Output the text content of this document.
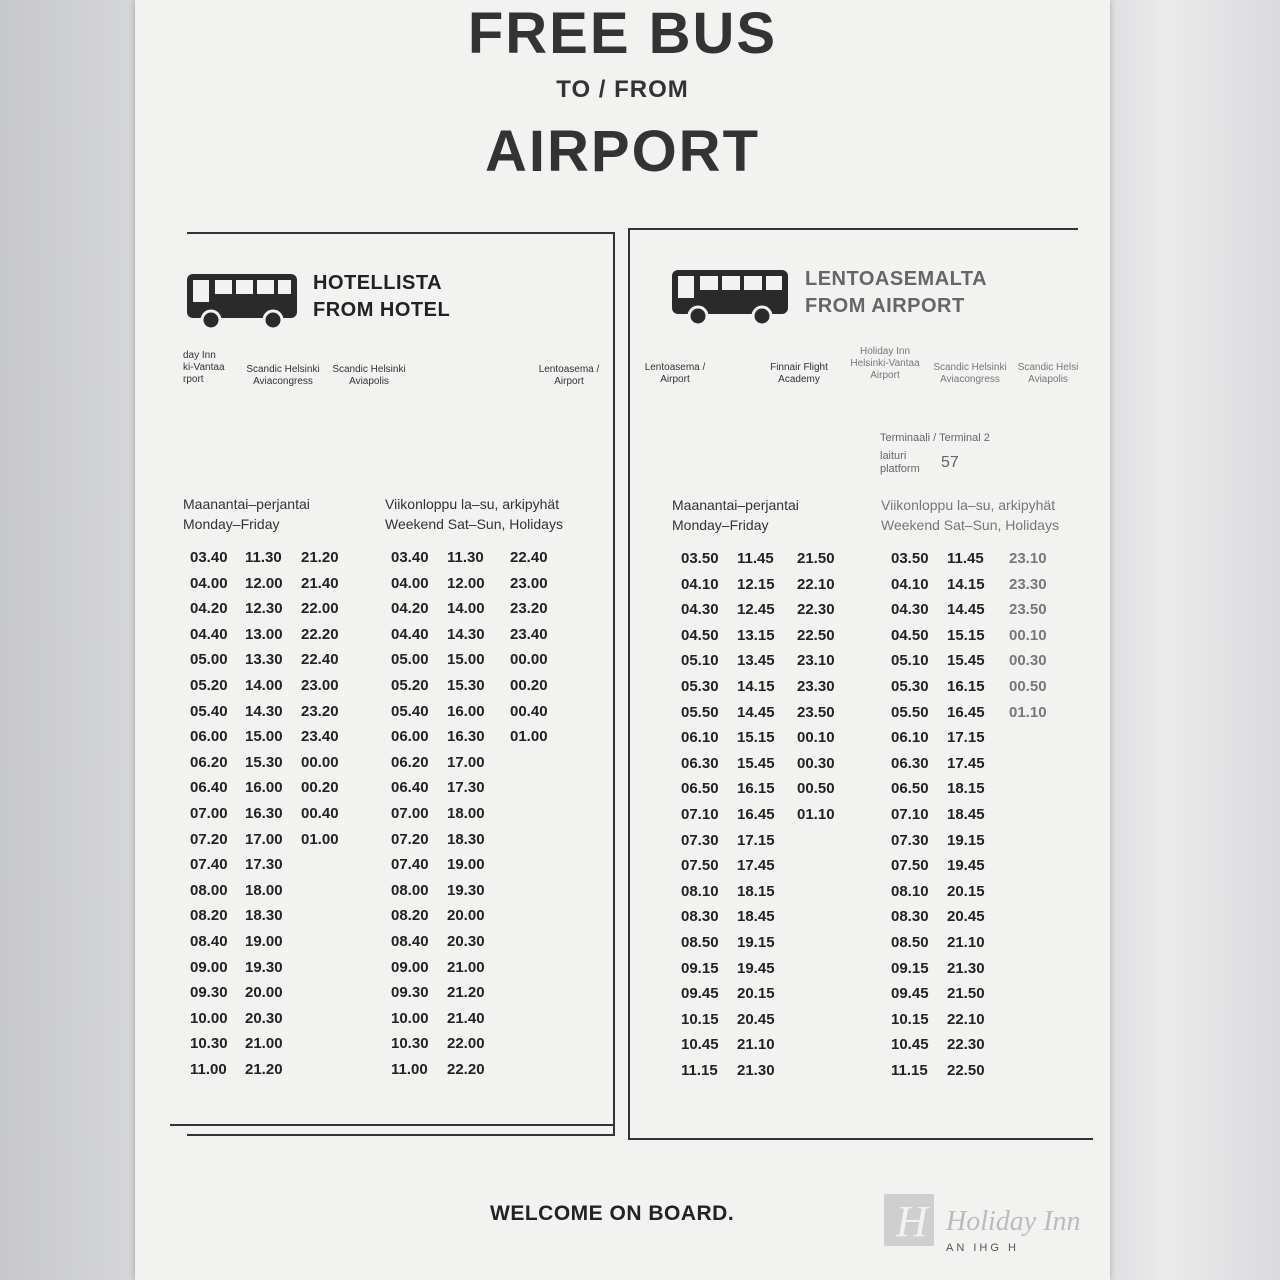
FREE BUS
TO / FROM
AIRPORT
HOTELLISTA
FROM HOTEL
day Inn
ki-Vantaa
rport
Scandic Helsinki
Aviacongress
Scandic Helsinki
Aviapolis
Lentoasema /
Airport
Maanantai–perjantai
Monday–Friday
Viikonloppu la–su, arkipyhät
Weekend Sat–Sun, Holidays
03.40
04.00
04.20
04.40
05.00
05.20
05.40
06.00
06.20
06.40
07.00
07.20
07.40
08.00
08.20
08.40
09.00
09.30
10.00
10.30
11.00
11.30
12.00
12.30
13.00
13.30
14.00
14.30
15.00
15.30
16.00
16.30
17.00
17.30
18.00
18.30
19.00
19.30
20.00
20.30
21.00
21.20
21.20
21.40
22.00
22.20
22.40
23.00
23.20
23.40
00.00
00.20
00.40
01.00
03.40
04.00
04.20
04.40
05.00
05.20
05.40
06.00
06.20
06.40
07.00
07.20
07.40
08.00
08.20
08.40
09.00
09.30
10.00
10.30
11.00
11.30
12.00
14.00
14.30
15.00
15.30
16.00
16.30
17.00
17.30
18.00
18.30
19.00
19.30
20.00
20.30
21.00
21.20
21.40
22.00
22.20
22.40
23.00
23.20
23.40
00.00
00.20
00.40
01.00
LENTOASEMALTA
FROM AIRPORT
Lentoasema /
Airport
Finnair Flight
Academy
Holiday Inn
Helsinki-Vantaa
Airport
Scandic Helsinki
Aviacongress
Scandic Helsi
Aviapolis
Terminaali / Terminal 2
laituri
platform 57
Maanantai–perjantai
Monday–Friday
Viikonloppu la–su, arkipyhät
Weekend Sat–Sun, Holidays
03.50
04.10
04.30
04.50
05.10
05.30
05.50
06.10
06.30
06.50
07.10
07.30
07.50
08.10
08.30
08.50
09.15
09.45
10.15
10.45
11.15
11.45
12.15
12.45
13.15
13.45
14.15
14.45
15.15
15.45
16.15
16.45
17.15
17.45
18.15
18.45
19.15
19.45
20.15
20.45
21.10
21.30
21.50
22.10
22.30
22.50
23.10
23.30
23.50
00.10
00.30
00.50
01.10
03.50
04.10
04.30
04.50
05.10
05.30
05.50
06.10
06.30
06.50
07.10
07.30
07.50
08.10
08.30
08.50
09.15
09.45
10.15
10.45
11.15
11.45
14.15
14.45
15.15
15.45
16.15
16.45
17.15
17.45
18.15
18.45
19.15
19.45
20.15
20.45
21.10
21.30
21.50
22.10
22.30
22.50
23.10
23.30
23.50
00.10
00.30
00.50
01.10
WELCOME ON BOARD.	H Holiday Inn
AN IHG H
